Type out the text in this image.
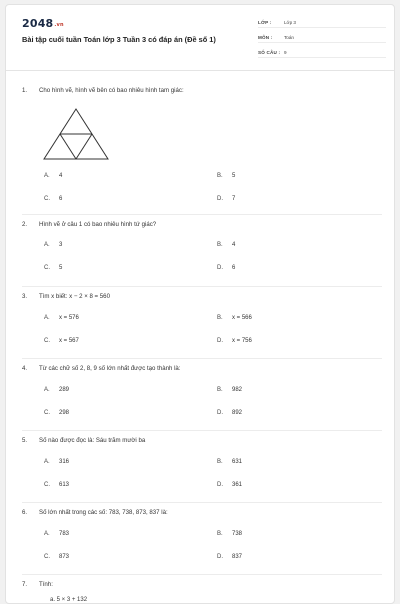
2048.vn
Bài tập cuối tuần Toán lớp 3 Tuần 3 có đáp án (Đề số 1)
LỚP :	Lớp 3
MÔN :	Toán
SỐ CÂU : 9
1.	Cho hình vẽ, hình vẽ bên có bao nhiêu hình tam giác:
A.	4	B.	5
C.	6	D.	7
2.	Hình vẽ ở câu 1 có bao nhiêu hình tứ giác?
A.	3	B.	4
C.	5	D.	6
3.	Tìm x biết: x − 2 × 8 = 560
A.	x = 576	B.	x = 566
C.	x = 567	D.	x = 756
4.	Từ các chữ số 2, 8, 9 số lớn nhất được tạo thành là:
A.	289	B.	982
C.	298	D.	892
5.	Số nào được đọc là: Sáu trăm mười ba
A.	316	B.	631
C.	613	D.	361
6.	Số lớn nhất trong các số: 783, 738, 873, 837 là:
A.	783	B.	738
C.	873	D.	837
7.	Tính:
a. 5 × 3 + 132
